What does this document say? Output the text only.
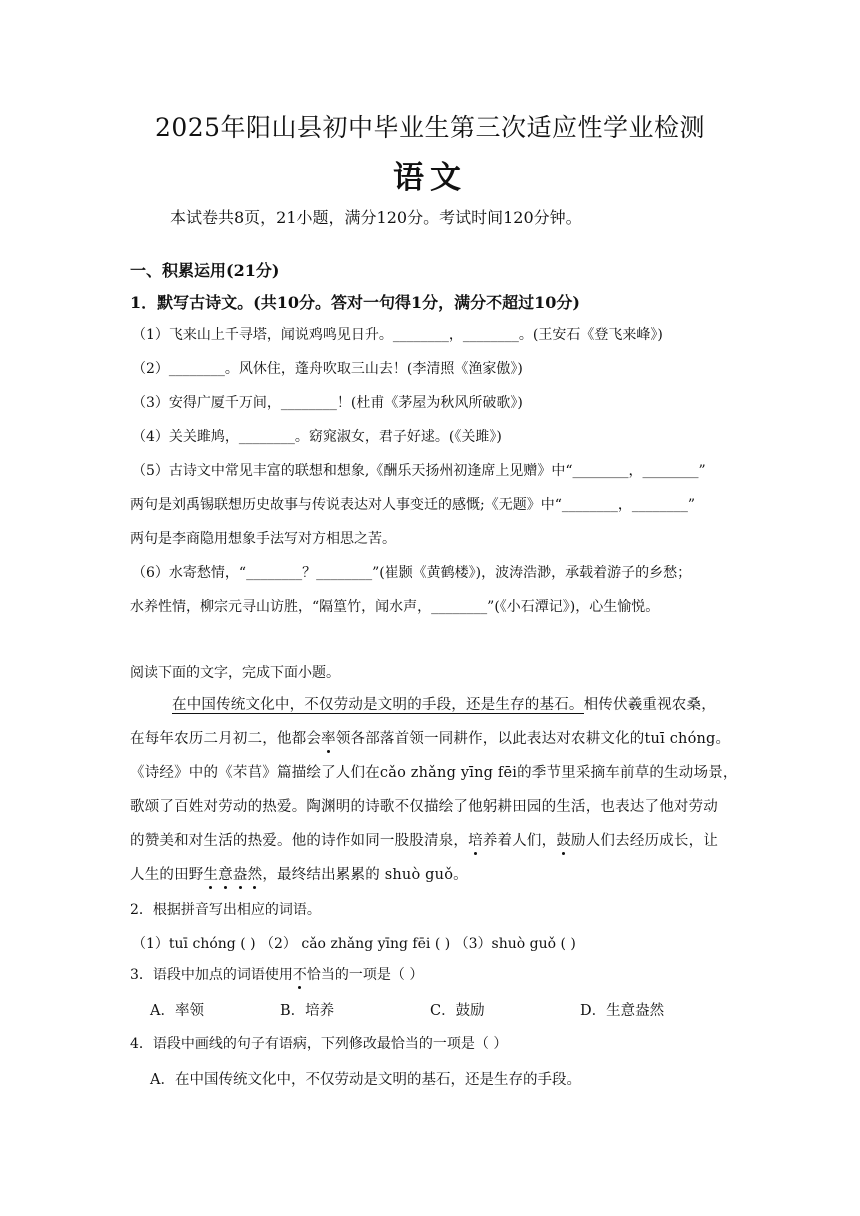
2025年阳山县初中毕业生第三次适应性学业检测
语文
本试卷共8页，21小题，满分120分。考试时间120分钟。
一、积累运用(21分)
1．默写古诗文。(共10分。答对一句得1分，满分不超过10分)
（1）飞来山上千寻塔，闻说鸡鸣见日升。________，________。(王安石《登飞来峰》)
（2）________。风休住，蓬舟吹取三山去！(李清照《渔家傲》)
（3）安得广厦千万间，________！(杜甫《茅屋为秋风所破歌》)
（4）关关雎鸠，________。窈窕淑女，君子好逑。(《关雎》)
（5）古诗文中常见丰富的联想和想象,《酬乐天扬州初逢席上见赠》中“________，________”
两句是刘禹锡联想历史故事与传说表达对人事变迁的感慨;《无题》中“________，________”
两句是李商隐用想象手法写对方相思之苦。
（6）水寄愁情，“________？________”(崔颢《黄鹤楼》)，波涛浩渺，承载着游子的乡愁；
水养性情，柳宗元寻山访胜，“隔篁竹，闻水声，________”(《小石潭记》)，心生愉悦。
阅读下面的文字，完成下面小题。
在中国传统文化中，不仅劳动是文明的手段，还是生存的基石。相传伏羲重视农桑，
在每年农历二月初二，他都会率领各部落首领一同耕作，以此表达对农耕文化的tuī chóng。
《诗经》中的《芣苢》篇描绘了人们在cǎo zhǎng yīng fēi的季节里采摘车前草的生动场景，
歌颂了百姓对劳动的热爱。陶渊明的诗歌不仅描绘了他躬耕田园的生活，也表达了他对劳动
的赞美和对生活的热爱。他的诗作如同一股股清泉，培养着人们，鼓励人们去经历成长，让
人生的田野生意盎然，最终结出累累的 shuò guǒ。
2．根据拼音写出相应的词语。
（1）tuī chóng ( ) （2） cǎo zhǎng yīng fēi ( ) （3）shuò guǒ ( )
3．语段中加点的词语使用不恰当的一项是（ ）
A．率领	B．培养	C．鼓励	D．生意盎然
4．语段中画线的句子有语病，下列修改最恰当的一项是（ ）
A．在中国传统文化中，不仅劳动是文明的基石，还是生存的手段。
